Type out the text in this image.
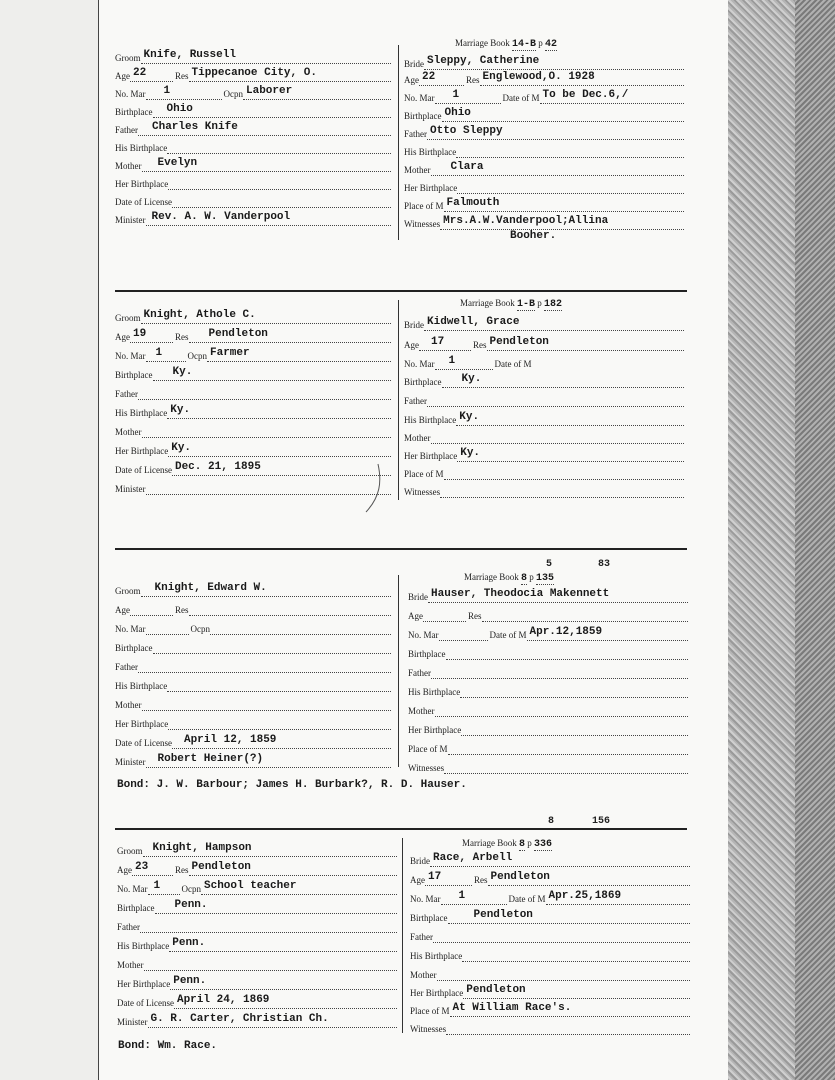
Groom Knife, Russell
Age 22	Res Tippecanoe City, O.
No. Mar	1	Ocpn Laborer
Birthplace	Ohio
Father	Charles Knife
His Birthplace
Mother	Evelyn
Her Birthplace
Date of License
Minister Rev. A. W. Vanderpool
Marriage Book 14-B p 42
Bride Sleppy, Catherine
Age 22	Res Englewood,O. 1928
No. Mar	1	Date of M To be Dec.6,/
Birthplace Ohio
Father Otto Sleppy
His Birthplace
Mother	Clara
Her Birthplace
Place of M Falmouth
Witnesses Mrs.A.W.Vanderpool;Allina
Booher.
Groom Knight, Athole C.
Age 19	Res	Pendleton
No. Mar 1	Ocpn Farmer
Birthplace	Ky.
Father
His Birthplace Ky.
Mother
Her Birthplace Ky.
Date of License Dec. 21, 1895
Minister
Marriage Book 1-B p 182
Bride Kidwell, Grace
Age	17	Res Pendleton
No. Mar	1	Date of M
Birthplace	Ky.
Father
His Birthplace Ky.
Mother
Her Birthplace Ky.
Place of M
Witnesses
Groom	Knight, Edward W.
Age	Res
No. Mar	Ocpn
Birthplace
Father
His Birthplace
Mother
Her Birthplace
Date of License	April 12, 1859
Minister	Robert Heiner(?)
5	83
Marriage Book 8 p 135
Bride Hauser, Theodocia Makennett
Age	Res
No. Mar	Date of M Apr.12,1859
Birthplace
Father
His Birthplace
Mother
Her Birthplace
Place of M
Witnesses
Bond: J. W. Barbour; James H. Burbark?, R. D. Hauser.
Groom Knight, Hampson
Age 23	Res Pendleton
No. Mar 1	Ocpn School teacher
Birthplace	Penn.
Father
His Birthplace Penn.
Mother
Her Birthplace Penn.
Date of License April 24, 1869
Minister G. R. Carter, Christian Ch.
8	156
Marriage Book 8 p 336
Bride Race, Arbell
Age 17	Res Pendleton
No. Mar	1	Date of M Apr.25,1869
Birthplace	Pendleton
Father
His Birthplace
Mother
Her Birthplace Pendleton
Place of M At William Race's.
Witnesses
Bond: Wm. Race.
